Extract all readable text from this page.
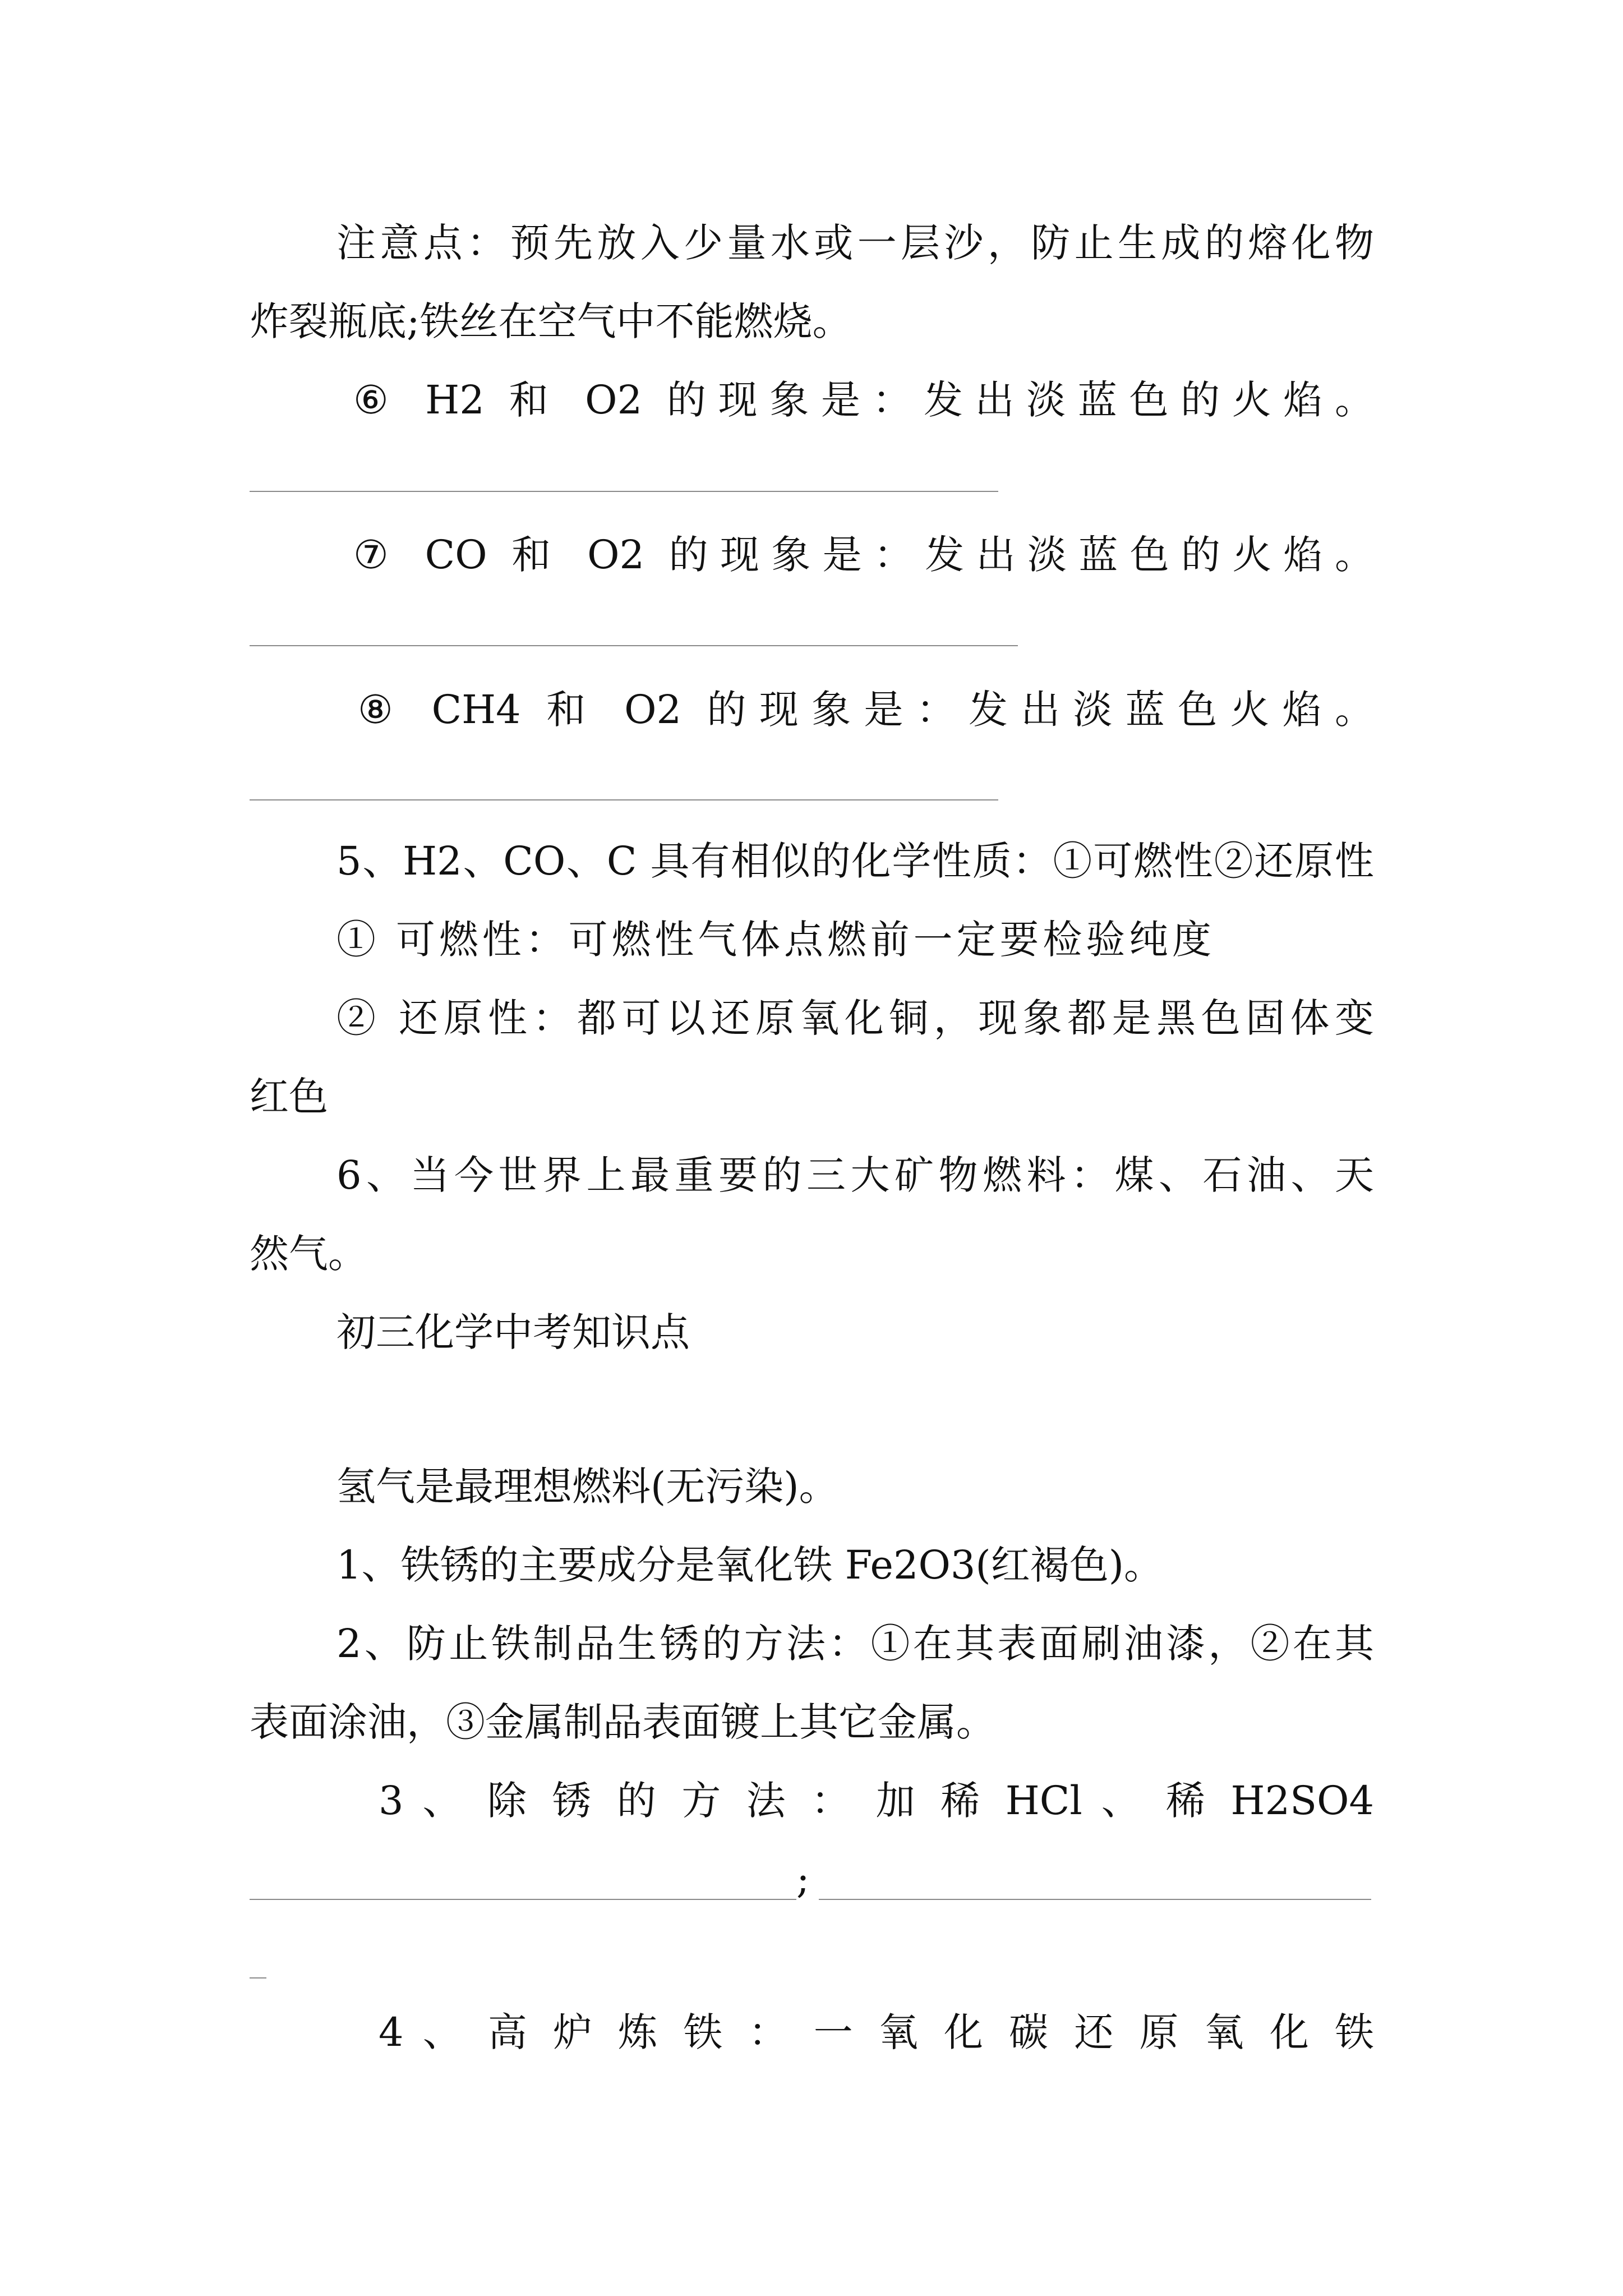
注意点：预先放入少量水或一层沙，防止生成的熔化物
炸裂瓶底;铁丝在空气中不能燃烧。
⑥ H2 和 O2 的现象是：发出淡蓝色的火焰。
⑦ CO 和 O2 的现象是：发出淡蓝色的火焰。
⑧ CH4 和 O2 的现象是：发出淡蓝色火焰。
5、H2、CO、C 具有相似的化学性质：①可燃性②还原性
① 可燃性：可燃性气体点燃前一定要检验纯度
② 还原性：都可以还原氧化铜，现象都是黑色固体变
红色
6、当今世界上最重要的三大矿物燃料：煤、石油、天
然气。
初三化学中考知识点
氢气是最理想燃料(无污染)。
1、铁锈的主要成分是氧化铁 Fe2O3(红褐色)。
2、防止铁制品生锈的方法：①在其表面刷油漆，②在其
表面涂油，③金属制品表面镀上其它金属。
3 、 除 锈 的 方 法 ： 加 稀 HCl 、 稀 H2SO4
;
4 、 高 炉 炼 铁 ： 一 氧 化 碳 还 原 氧 化 铁
